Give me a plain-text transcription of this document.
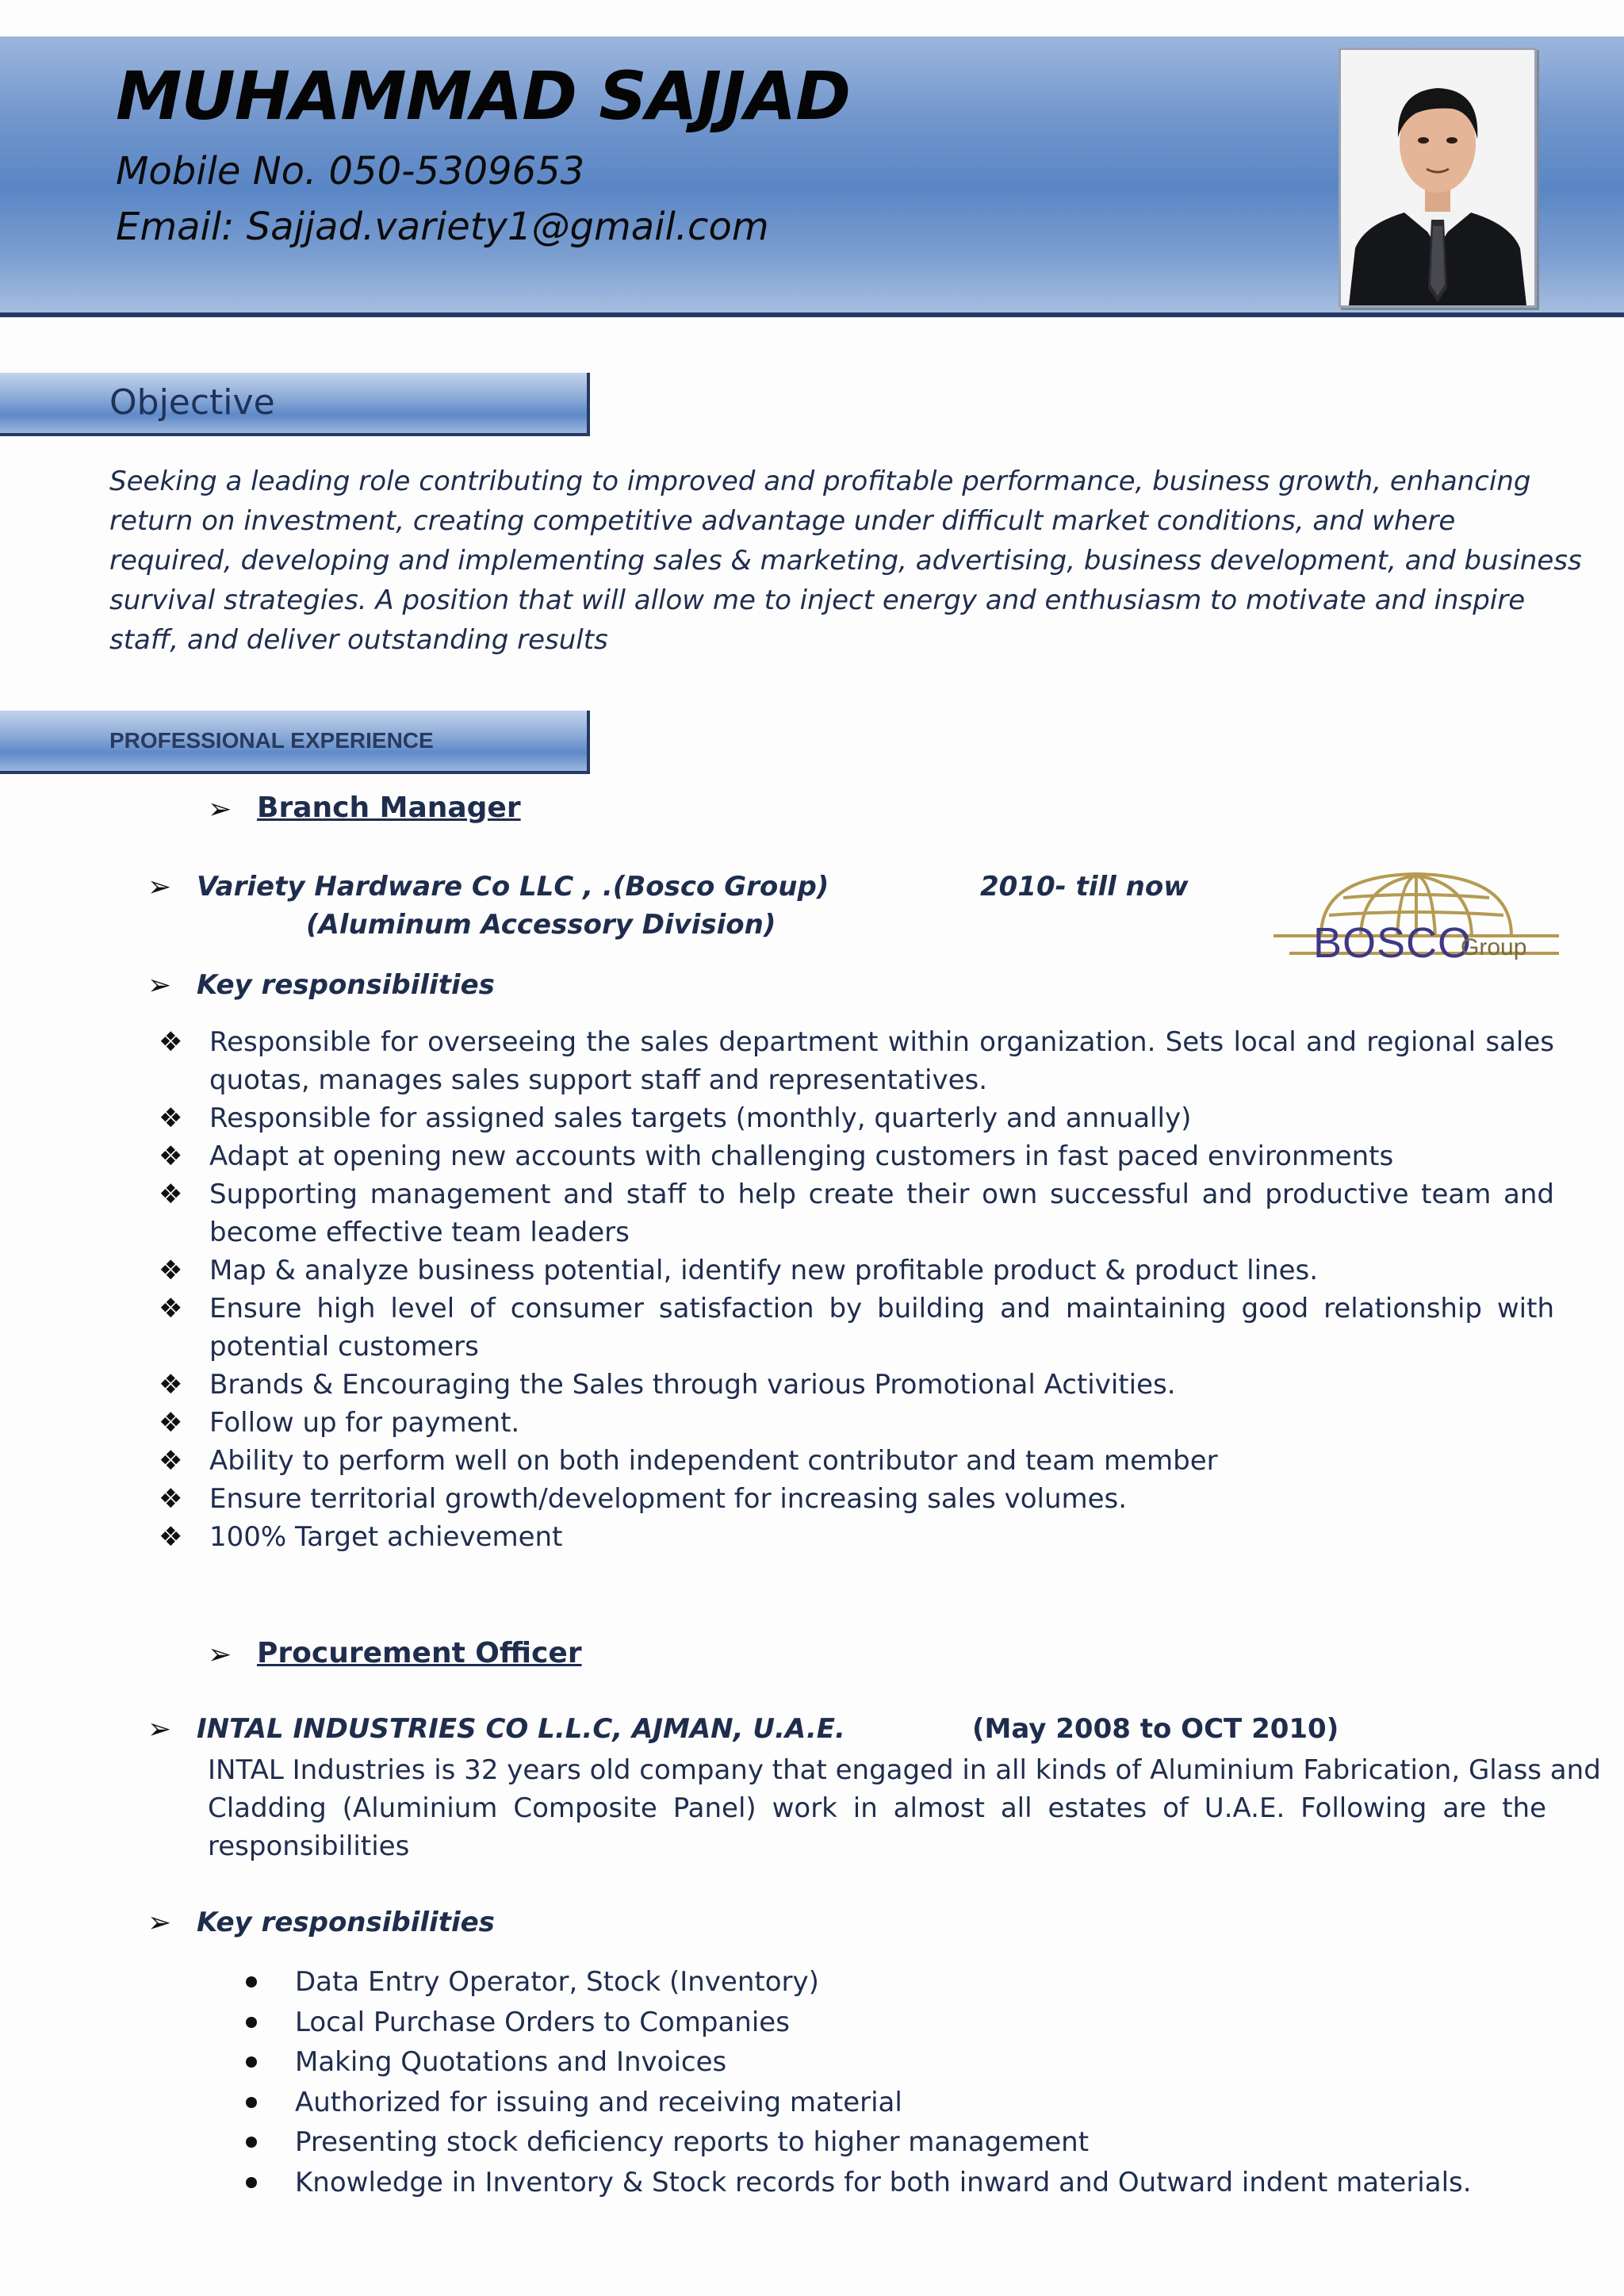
MUHAMMAD SAJJAD
Mobile No. 050-5309653
Email: Sajjad.variety1@gmail.com
Objective
Seeking a leading role contributing to improved and profitable performance, business growth, enhancing
return on investment, creating competitive advantage under difficult market conditions, and where
required, developing and implementing sales & marketing, advertising, business development, and business
survival strategies. A position that will allow me to inject energy and enthusiasm to motivate and inspire
staff, and deliver outstanding results
PROFESSIONAL EXPERIENCE
➢ Branch Manager
➢ Variety Hardware Co LLC , .(Bosco Group)	2010- till now
(Aluminum Accessory Division)	BOSCO
Group
➢ Key responsibilities
❖ Responsible for overseeing the sales department within organization. Sets local and regional sales quotas, manages sales support staff and representatives.
❖ Responsible for assigned sales targets (monthly, quarterly and annually)
❖ Adapt at opening new accounts with challenging customers in fast paced environments
❖ Supporting management and staff to help create their own successful and productive team and become effective team leaders
❖ Map & analyze business potential, identify new profitable product & product lines.
❖ Ensure high level of consumer satisfaction by building and maintaining good relationship with potential customers
❖ Brands & Encouraging the Sales through various Promotional Activities.
❖ Follow up for payment.
❖ Ability to perform well on both independent contributor and team member
❖ Ensure territorial growth/development for increasing sales volumes.
❖ 100% Target achievement
➢ Procurement Officer
➢ INTAL INDUSTRIES CO L.L.C, AJMAN, U.A.E.	(May 2008 to OCT 2010)
INTAL Industries is 32 years old company that engaged in all kinds of Aluminium Fabrication, Glass and
Cladding (Aluminium Composite Panel) work in almost all estates of U.A.E. Following are the
responsibilities
➢ Key responsibilities
Data Entry Operator, Stock (Inventory)
Local Purchase Orders to Companies
Making Quotations and Invoices
Authorized for issuing and receiving material
Presenting stock deficiency reports to higher management
Knowledge in Inventory & Stock records for both inward and Outward indent materials.
